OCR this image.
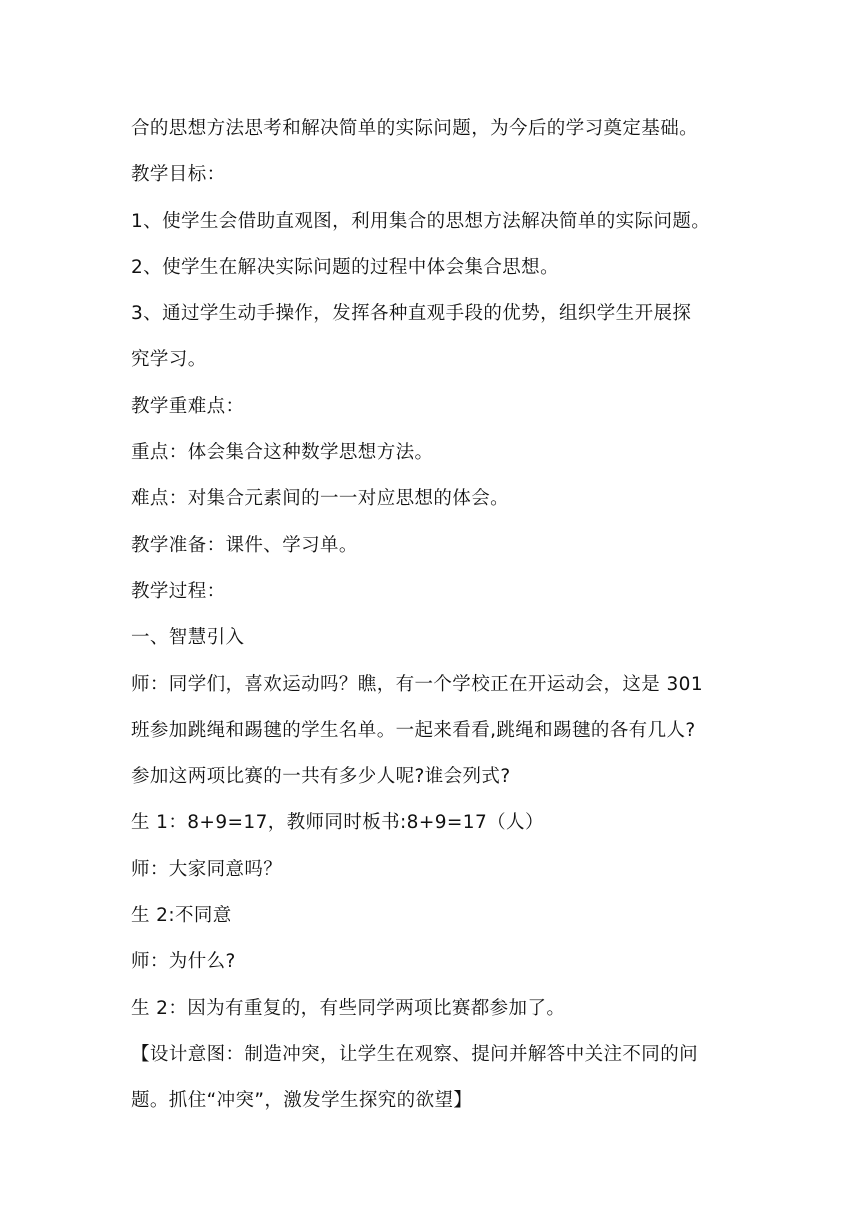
合的思想方法思考和解决简单的实际问题，为今后的学习奠定基础。
教学目标：
1、使学生会借助直观图，利用集合的思想方法解决简单的实际问题。
2、使学生在解决实际问题的过程中体会集合思想。
3、通过学生动手操作，发挥各种直观手段的优势，组织学生开展探
究学习。
教学重难点：
重点：体会集合这种数学思想方法。
难点：对集合元素间的一一对应思想的体会。
教学准备：课件、学习单。
教学过程：
一、智慧引入
师：同学们，喜欢运动吗？瞧，有一个学校正在开运动会，这是 301
班参加跳绳和踢毽的学生名单。一起来看看,跳绳和踢毽的各有几人?
参加这两项比赛的一共有多少人呢?谁会列式?
生 1：8+9=17，教师同时板书:8+9=17（人）
师：大家同意吗？
生 2:不同意
师：为什么?
生 2：因为有重复的，有些同学两项比赛都参加了。
【设计意图：制造冲突，让学生在观察、提问并解答中关注不同的问
题。抓住“冲突”，激发学生探究的欲望】
